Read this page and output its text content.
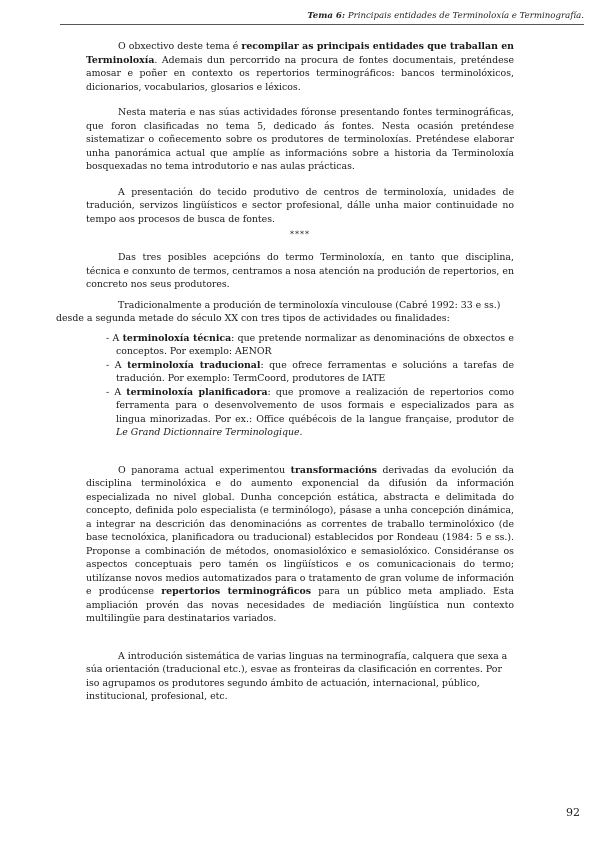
Tema 6: Principais entidades de Terminoloxía e Terminografía.

O obxectivo deste tema é recompilar as principais entidades que traballan en Terminoloxía. Ademais dun percorrido na procura de fontes documentais, preténdese amosar e poñer en contexto os repertorios terminográficos: bancos terminolóxicos, dicionarios, vocabularios, glosarios e léxicos.

Nesta materia e nas súas actividades fóronse presentando fontes terminográficas, que foron clasificadas no tema 5, dedicado ás fontes. Nesta ocasión preténdese sistematizar o coñecemento sobre os produtores de terminoloxías. Preténdese elaborar unha panorámica actual que amplíe as informacións sobre a historia da Terminoloxía bosquexadas no tema introdutorio e nas aulas prácticas.

A presentación do tecido produtivo de centros de terminoloxía, unidades de tradución, servizos lingüísticos e sector profesional, dálle unha maior continuidade no tempo aos procesos de busca de fontes.

****

Das tres posibles acepcións do termo Terminoloxía, en tanto que disciplina, técnica e conxunto de termos, centramos a nosa atención na produción de repertorios, en concreto nos seus produtores.

Tradicionalmente a produción de terminoloxía vinculouse (Cabré 1992: 33 e ss.)

desde a segunda metade do século XX con tres tipos de actividades ou finalidades:

- A terminoloxía técnica: que pretende normalizar as denominacións de obxectos e conceptos. Por exemplo: AENOR
- A terminoloxía traducional: que ofrece ferramentas e solucións a tarefas de tradución. Por exemplo: TermCoord, produtores de IATE
- A terminoloxía planificadora: que promove a realización de repertorios como ferramenta para o desenvolvemento de usos formais e especializados para as lingua minorizadas. Por ex.: Office québécois de la langue française, produtor de Le Grand Dictionnaire Terminologique.

O panorama actual experimentou transformacións derivadas da evolución da disciplina terminolóxica e do aumento exponencial da difusión da información especializada no nivel global. Dunha concepción estática, abstracta e delimitada do concepto, definida polo especialista (e terminólogo), pásase a unha concepción dinámica, a integrar na descrición das denominacións as correntes de traballo terminolóxico (de base tecnolóxica, planificadora ou traducional) establecidos por Rondeau (1984: 5 e ss.). Proponse a combinación de métodos, onomasiolóxico e semasiolóxico. Considéranse os aspectos conceptuais pero tamén os lingüísticos e os comunicacionais do termo; utilízanse novos medios automatizados para o tratamento de gran volume de información e prodúcense repertorios terminográficos para un público meta ampliado. Esta ampliación provén das novas necesidades de mediación lingüística nun contexto multilingüe para destinatarios variados.

A introdución sistemática de varias linguas na terminografía, calquera que sexa a súa orientación (traducional etc.), esvae as fronteiras da clasificación en correntes. Por iso agrupamos os produtores segundo ámbito de actuación, internacional, público, institucional, profesional, etc.

92
